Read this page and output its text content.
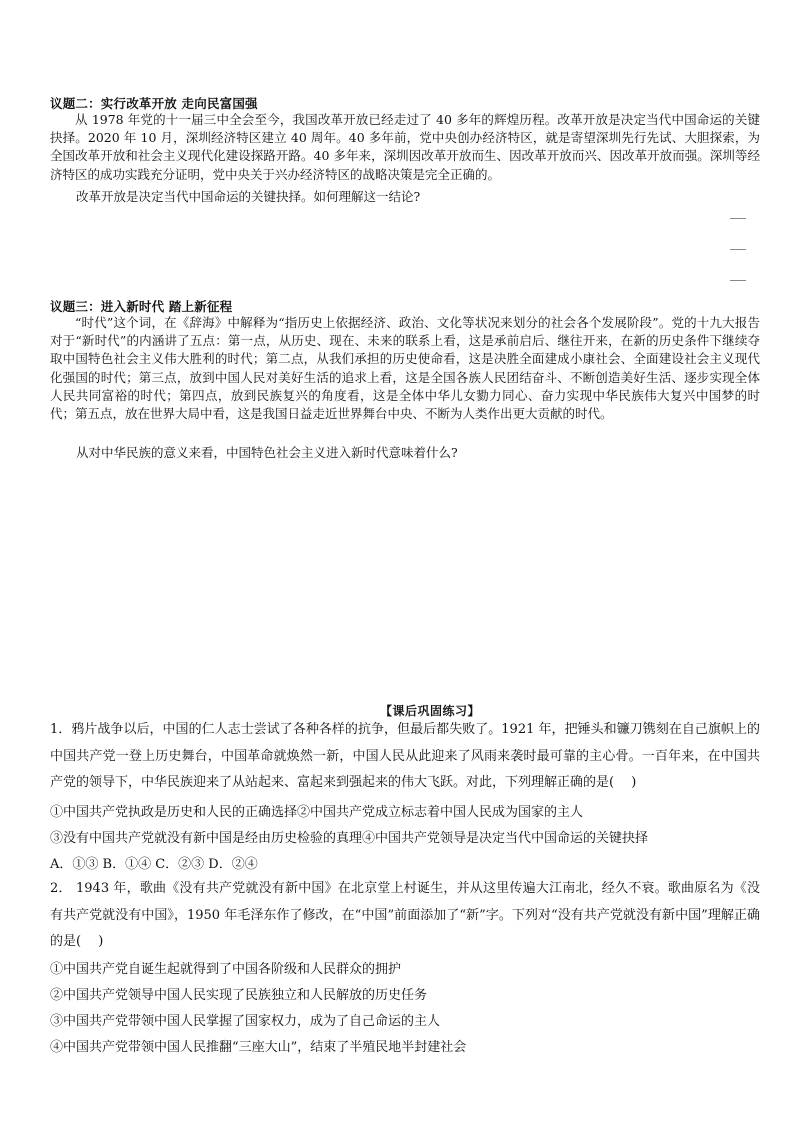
议题二：实行改革开放 走向民富国强
从 1978 年党的十一届三中全会至今，我国改革开放已经走过了 40 多年的辉煌历程。改革开放是决定当代中国命运的关键抉择。2020 年 10 月，深圳经济特区建立 40 周年。40 多年前，党中央创办经济特区，就是寄望深圳先行先试、大胆探索，为全国改革开放和社会主义现代化建设探路开路。40 多年来，深圳因改革开放而生、因改革开放而兴、因改革开放而强。深圳等经济特区的成功实践充分证明，党中央关于兴办经济特区的战略决策是完全正确的。
改革开放是决定当代中国命运的关键抉择。如何理解这一结论?
议题三：进入新时代 踏上新征程
“时代”这个词，在《辞海》中解释为“指历史上依据经济、政治、文化等状况来划分的社会各个发展阶段”。党的十九大报告对于“新时代”的内涵讲了五点：第一点，从历史、现在、未来的联系上看，这是承前启后、继往开来，在新的历史条件下继续夺取中国特色社会主义伟大胜利的时代；第二点，从我们承担的历史使命看，这是决胜全面建成小康社会、全面建设社会主义现代化强国的时代；第三点，放到中国人民对美好生活的追求上看，这是全国各族人民团结奋斗、不断创造美好生活、逐步实现全体人民共同富裕的时代；第四点，放到民族复兴的角度看，这是全体中华儿女勠力同心、奋力实现中华民族伟大复兴中国梦的时代；第五点，放在世界大局中看，这是我国日益走近世界舞台中央、不断为人类作出更大贡献的时代。
从对中华民族的意义来看，中国特色社会主义进入新时代意味着什么?
【课后巩固练习】
1．鸦片战争以后，中国的仁人志士尝试了各种各样的抗争，但最后都失败了。1921 年，把锤头和镰刀镌刻在自己旗帜上的中国共产党一登上历史舞台，中国革命就焕然一新，中国人民从此迎来了风雨来袭时最可靠的主心骨。一百年来，在中国共产党的领导下，中华民族迎来了从站起来、富起来到强起来的伟大飞跃。对此，下列理解正确的是(　 )
①中国共产党执政是历史和人民的正确选择②中国共产党成立标志着中国人民成为国家的主人
③没有中国共产党就没有新中国是经由历史检验的真理④中国共产党领导是决定当代中国命运的关键抉择
A．①③ B．①④ C．②③ D．②④
2． 1943 年，歌曲《没有共产党就没有新中国》在北京堂上村诞生，并从这里传遍大江南北，经久不衰。歌曲原名为《没有共产党就没有中国》，1950 年毛泽东作了修改，在“中国”前面添加了“新”字。下列对“没有共产党就没有新中国”理解正确的是(　 )
①中国共产党自诞生起就得到了中国各阶级和人民群众的拥护
②中国共产党领导中国人民实现了民族独立和人民解放的历史任务
③中国共产党带领中国人民掌握了国家权力，成为了自己命运的主人
④中国共产党带领中国人民推翻“三座大山”，结束了半殖民地半封建社会
